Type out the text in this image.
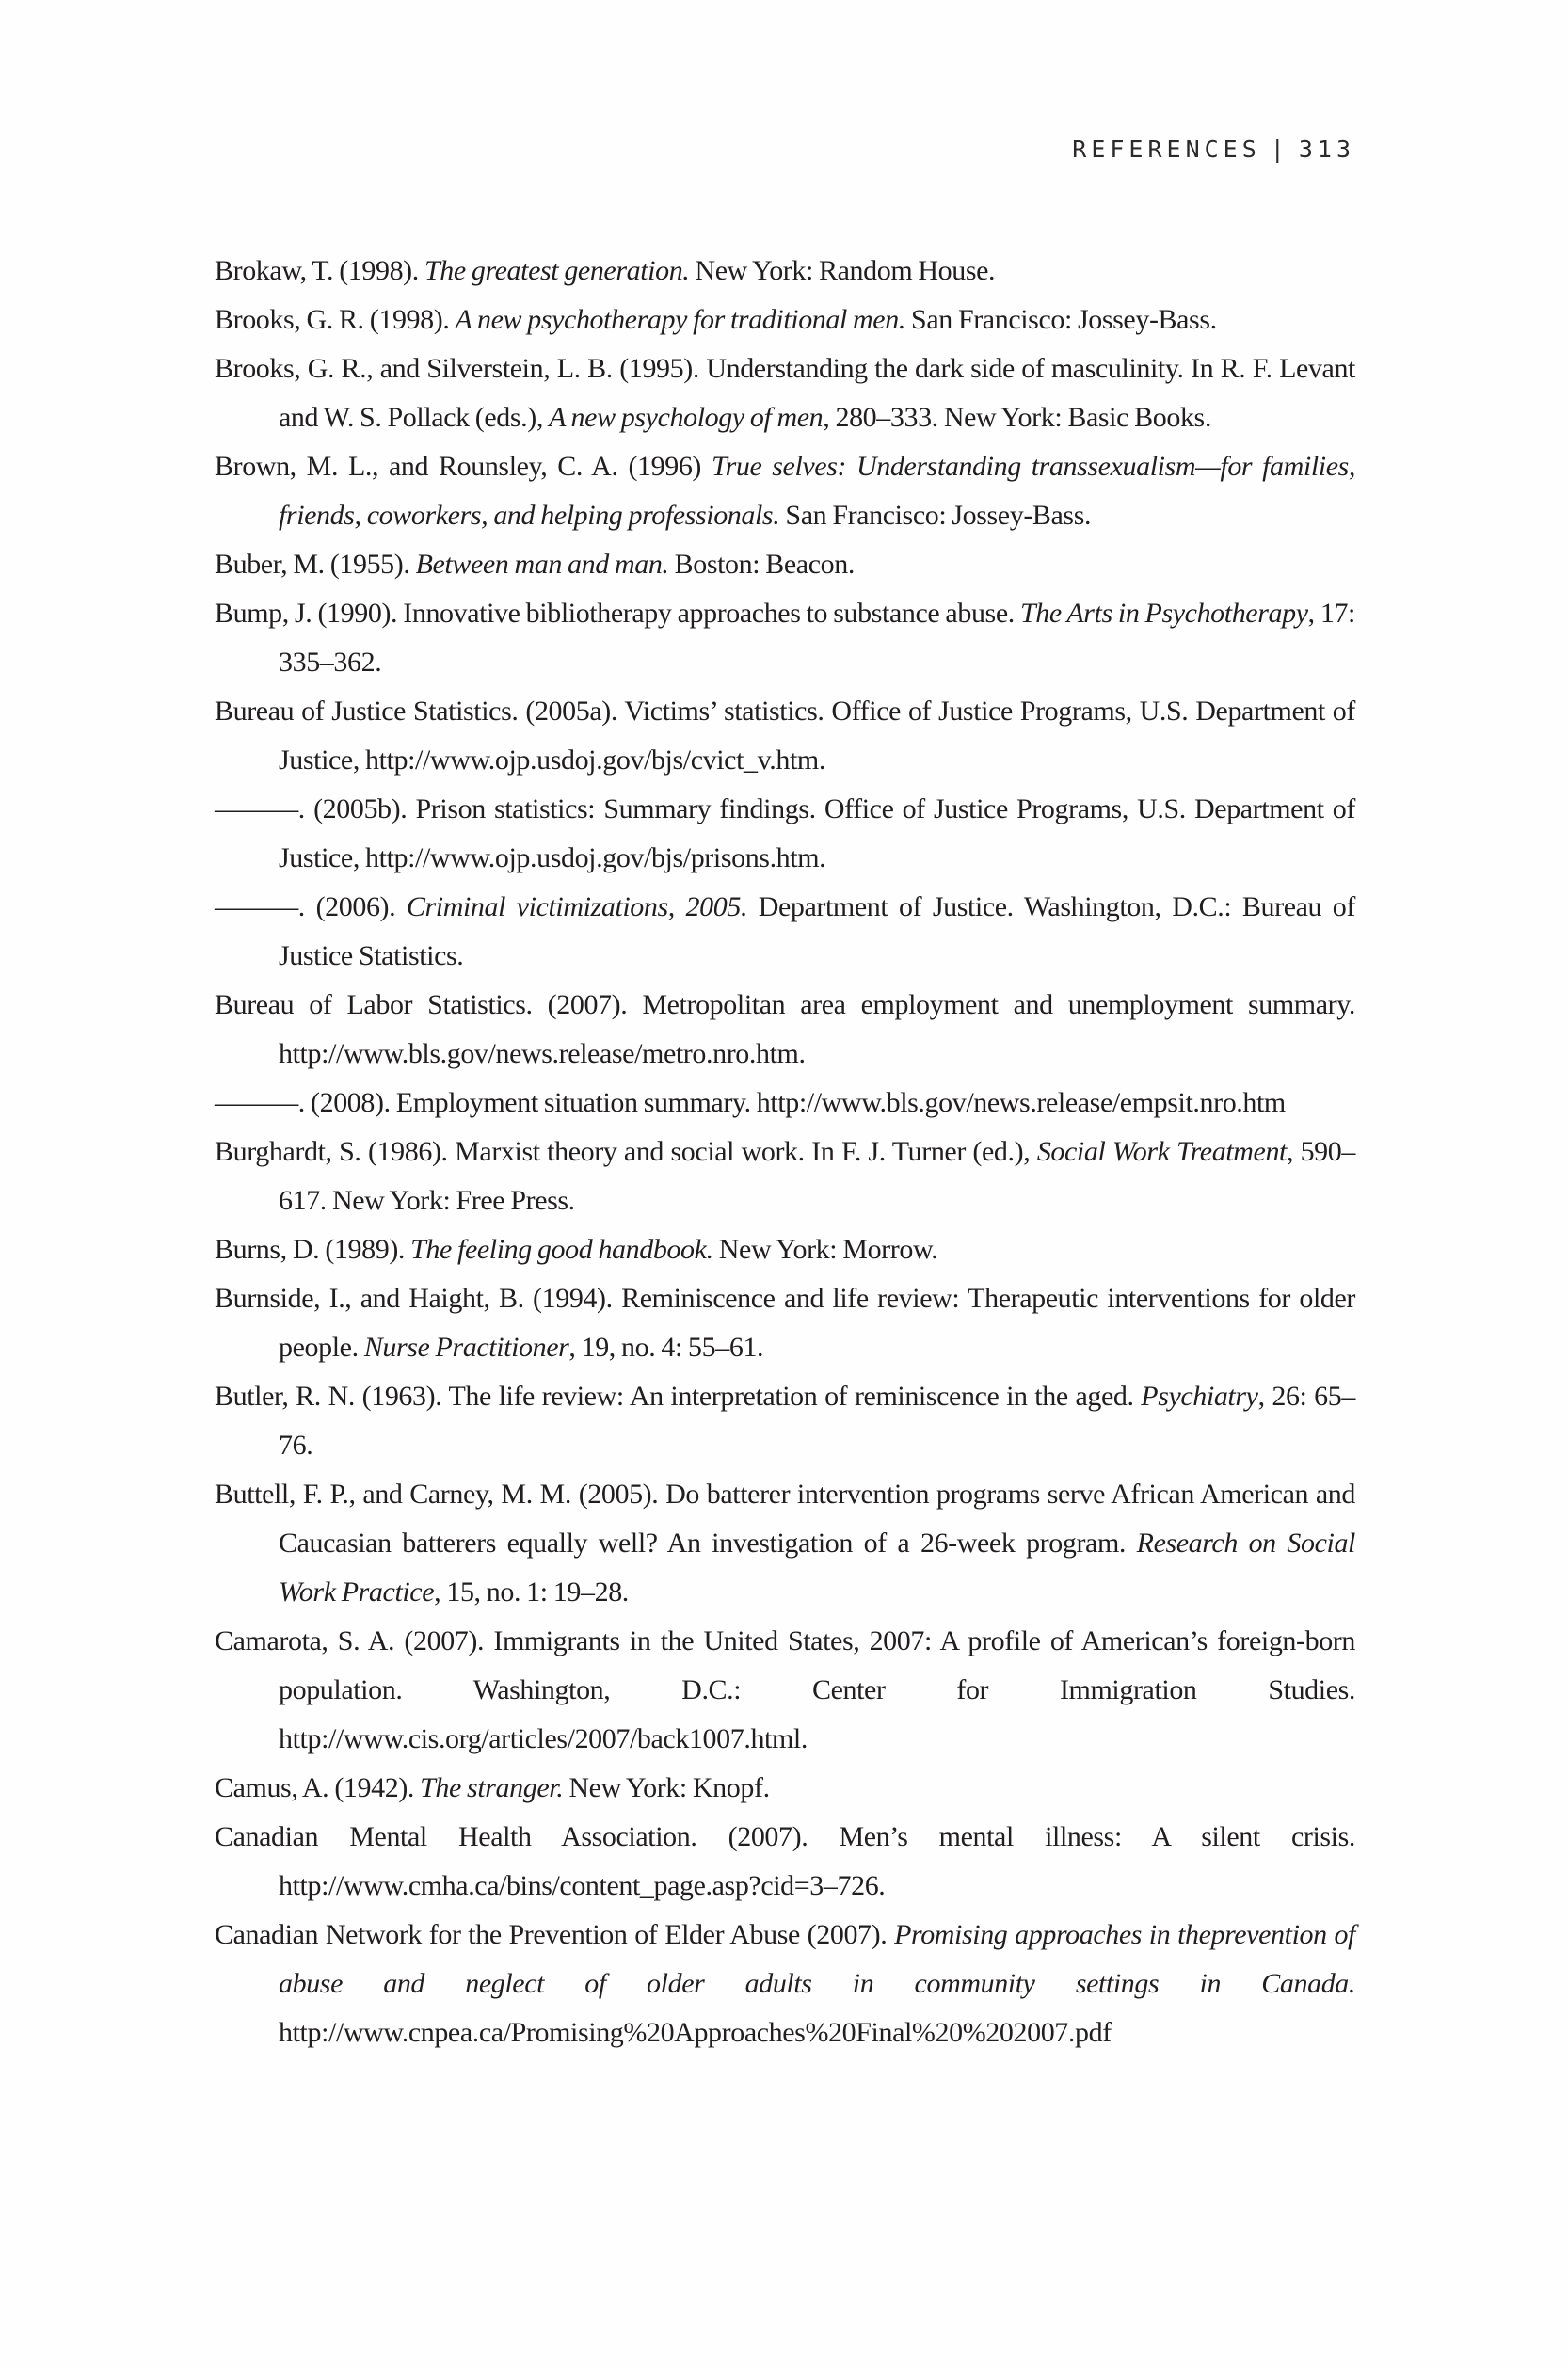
REFERENCES | 313

Brokaw, T. (1998). The greatest generation. New York: Random House.

Brooks, G. R. (1998). A new psychotherapy for traditional men. San Francisco: Jossey-Bass.

Brooks, G. R., and Silverstein, L. B. (1995). Understanding the dark side of masculinity. In R. F. Levant and W. S. Pollack (eds.), A new psychology of men, 280–333. New York: Basic Books.

Brown, M. L., and Rounsley, C. A. (1996) True selves: Understanding transsexualism—for families, friends, coworkers, and helping professionals. San Francisco: Jossey-Bass.

Buber, M. (1955). Between man and man. Boston: Beacon.

Bump, J. (1990). Innovative bibliotherapy approaches to substance abuse. The Arts in Psychotherapy, 17: 335–362.

Bureau of Justice Statistics. (2005a). Victims’ statistics. Office of Justice Programs, U.S. Department of Justice, http://www.ojp.usdoj.gov/bjs/cvict_v.htm.

———. (2005b). Prison statistics: Summary findings. Office of Justice Programs, U.S. Department of Justice, http://www.ojp.usdoj.gov/bjs/prisons.htm.

———. (2006). Criminal victimizations, 2005. Department of Justice. Washington, D.C.: Bureau of Justice Statistics.

Bureau of Labor Statistics. (2007). Metropolitan area employment and unemployment summary. http://www.bls.gov/news.release/metro.nro.htm.

———. (2008). Employment situation summary. http://www.bls.gov/news.release/empsit.nro.htm

Burghardt, S. (1986). Marxist theory and social work. In F. J. Turner (ed.), Social Work Treatment, 590–617. New York: Free Press.

Burns, D. (1989). The feeling good handbook. New York: Morrow.

Burnside, I., and Haight, B. (1994). Reminiscence and life review: Therapeutic interventions for older people. Nurse Practitioner, 19, no. 4: 55–61.

Butler, R. N. (1963). The life review: An interpretation of reminiscence in the aged. Psychiatry, 26: 65–76.

Buttell, F. P., and Carney, M. M. (2005). Do batterer intervention programs serve African American and Caucasian batterers equally well? An investigation of a 26-week program. Research on Social Work Practice, 15, no. 1: 19–28.

Camarota, S. A. (2007). Immigrants in the United States, 2007: A profile of American’s foreign-born population. Washington, D.C.: Center for Immigration Studies. http://www.cis.org/articles/2007/back1007.html.

Camus, A. (1942). The stranger. New York: Knopf.

Canadian Mental Health Association. (2007). Men’s mental illness: A silent crisis. http://www.cmha.ca/bins/content_page.asp?cid=3–726.

Canadian Network for the Prevention of Elder Abuse (2007). Promising approaches in theprevention of abuse and neglect of older adults in community settings in Canada. http://www.cnpea.ca/Promising%20Approaches%20Final%20%202007.pdf
